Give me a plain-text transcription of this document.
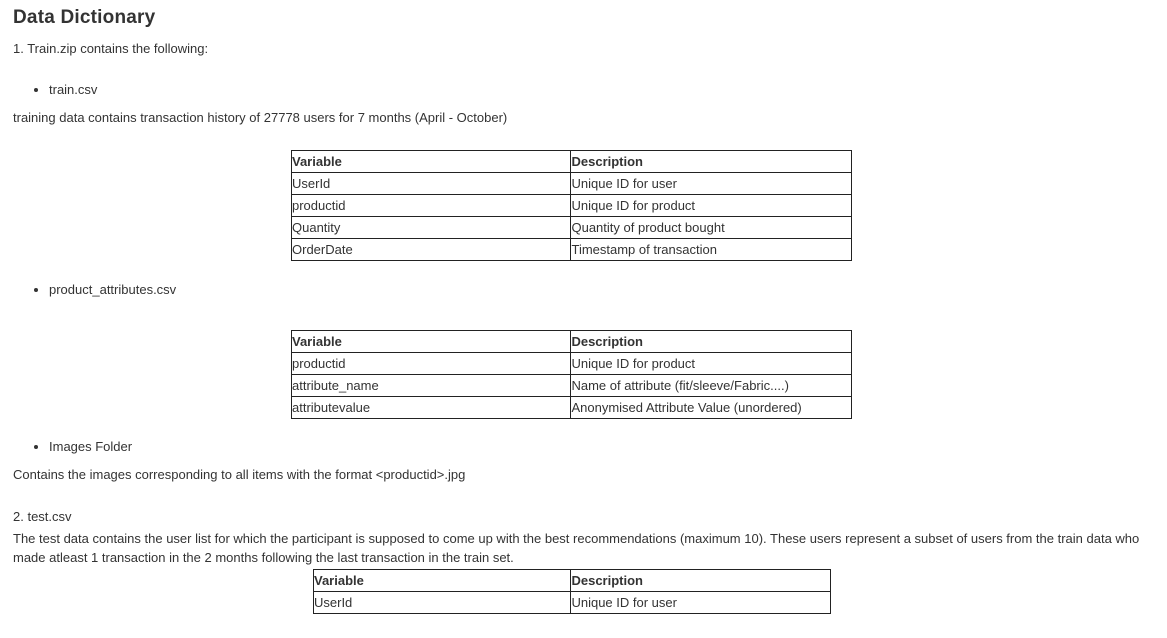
Data Dictionary
1. Train.zip contains the following:
train.csv
training data contains transaction history of 27778 users for 7 months (April - October)
Variable	Description
UserId	Unique ID for user
productid	Unique ID for product
Quantity	Quantity of product bought
OrderDate	Timestamp of transaction
product_attributes.csv
Variable	Description
productid	Unique ID for product
attribute_name	Name of attribute (fit/sleeve/Fabric....)
attributevalue	Anonymised Attribute Value (unordered)
Images Folder
Contains the images corresponding to all items with the format <productid>.jpg
2. test.csv
The test data contains the user list for which the participant is supposed to come up with the best recommendations (maximum 10). These users represent a subset of users from the train data who made atleast 1 transaction in the 2 months following the last transaction in the train set.
Variable	Description
UserId	Unique ID for user
